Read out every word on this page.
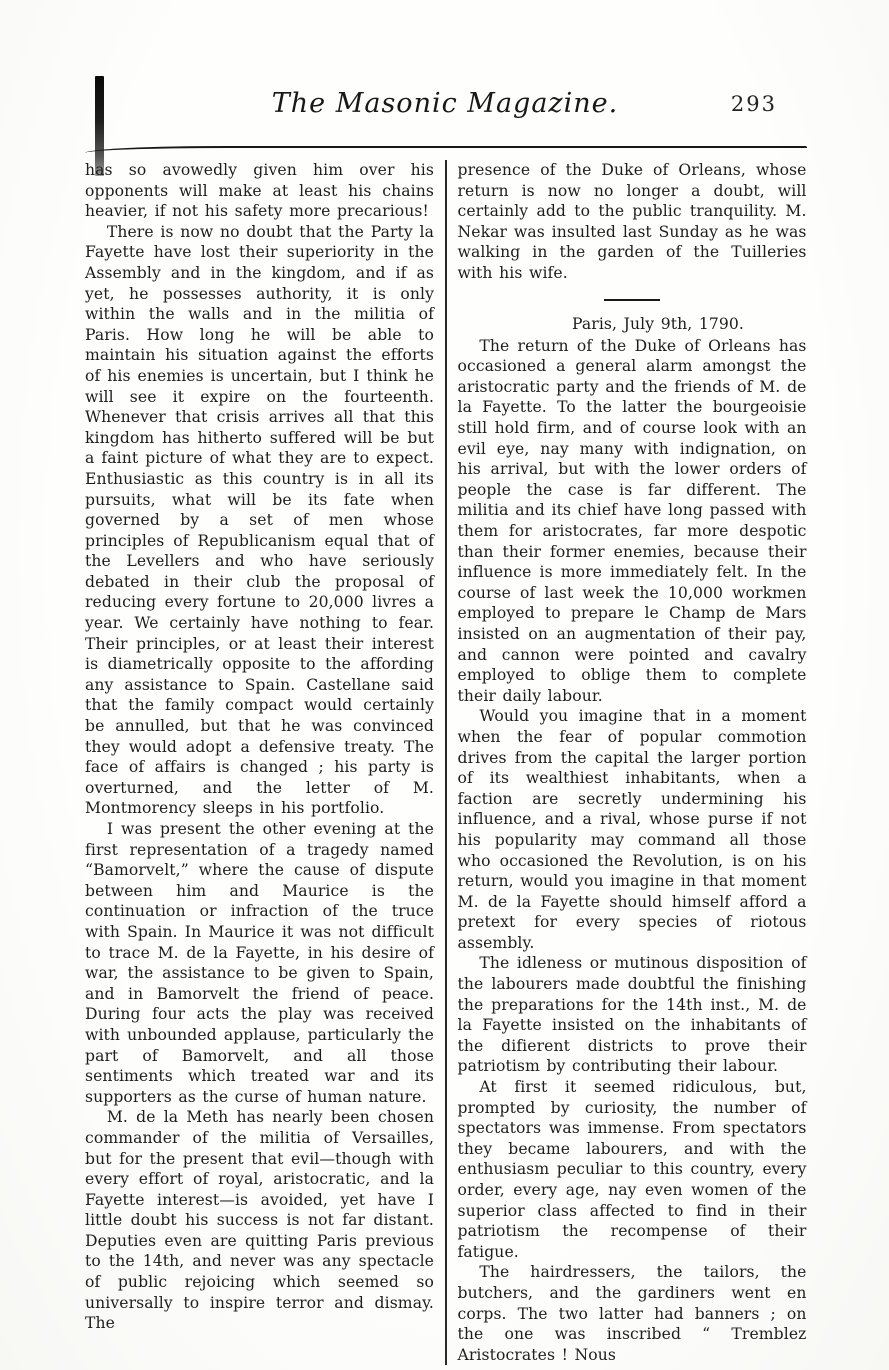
The Masonic Magazine.	293

has so avowedly given him over his opponents will make at least his chains heavier, if not his safety more precarious!

There is now no doubt that the Party la Fayette have lost their superiority in the Assembly and in the kingdom, and if as yet, he possesses authority, it is only within the walls and in the militia of Paris. How long he will be able to maintain his situation against the efforts of his enemies is uncertain, but I think he will see it expire on the fourteenth. Whenever that crisis arrives all that this kingdom has hitherto suffered will be but a faint picture of what they are to expect. Enthusiastic as this country is in all its pursuits, what will be its fate when governed by a set of men whose principles of Republicanism equal that of the Levellers and who have seriously debated in their club the proposal of reducing every fortune to 20,000 livres a year. We certainly have nothing to fear. Their principles, or at least their interest is diametrically opposite to the affording any assistance to Spain. Castellane said that the family compact would certainly be annulled, but that he was convinced they would adopt a defensive treaty. The face of affairs is changed ; his party is overturned, and the letter of M. Montmorency sleeps in his portfolio.

I was present the other evening at the first representation of a tragedy named “Bamorvelt,” where the cause of dispute between him and Maurice is the continuation or infraction of the truce with Spain. In Maurice it was not difficult to trace M. de la Fayette, in his desire of war, the assistance to be given to Spain, and in Bamorvelt the friend of peace. During four acts the play was received with unbounded applause, particularly the part of Bamorvelt, and all those sentiments which treated war and its supporters as the curse of human nature.

M. de la Meth has nearly been chosen commander of the militia of Versailles, but for the present that evil—though with every effort of royal, aristocratic, and la Fayette interest—is avoided, yet have I little doubt his success is not far distant. Deputies even are quitting Paris previous to the 14th, and never was any spectacle of public rejoicing which seemed so universally to inspire terror and dismay. The

presence of the Duke of Orleans, whose return is now no longer a doubt, will certainly add to the public tranquility. M. Nekar was insulted last Sunday as he was walking in the garden of the Tuilleries with his wife.

Paris, July 9th, 1790.

The return of the Duke of Orleans has occasioned a general alarm amongst the aristocratic party and the friends of M. de la Fayette. To the latter the bourgeoisie still hold firm, and of course look with an evil eye, nay many with indignation, on his arrival, but with the lower orders of people the case is far different. The militia and its chief have long passed with them for aristocrates, far more despotic than their former enemies, because their influence is more immediately felt. In the course of last week the 10,000 workmen employed to prepare le Champ de Mars insisted on an augmentation of their pay, and cannon were pointed and cavalry employed to oblige them to complete their daily labour.

Would you imagine that in a moment when the fear of popular commotion drives from the capital the larger portion of its wealthiest inhabitants, when a faction are secretly undermining his influence, and a rival, whose purse if not his popularity may command all those who occasioned the Revolution, is on his return, would you imagine in that moment M. de la Fayette should himself afford a pretext for every species of riotous assembly.

The idleness or mutinous disposition of the labourers made doubtful the finishing the preparations for the 14th inst., M. de la Fayette insisted on the inhabitants of the difierent districts to prove their patriotism by contributing their labour.

At first it seemed ridiculous, but, prompted by curiosity, the number of spectators was immense. From spectators they became labourers, and with the enthusiasm peculiar to this country, every order, every age, nay even women of the superior class affected to find in their patriotism the recompense of their fatigue.

The hairdressers, the tailors, the butchers, and the gardiners went en corps. The two latter had banners ; on the one was inscribed “ Tremblez Aristocrates ! Nous
